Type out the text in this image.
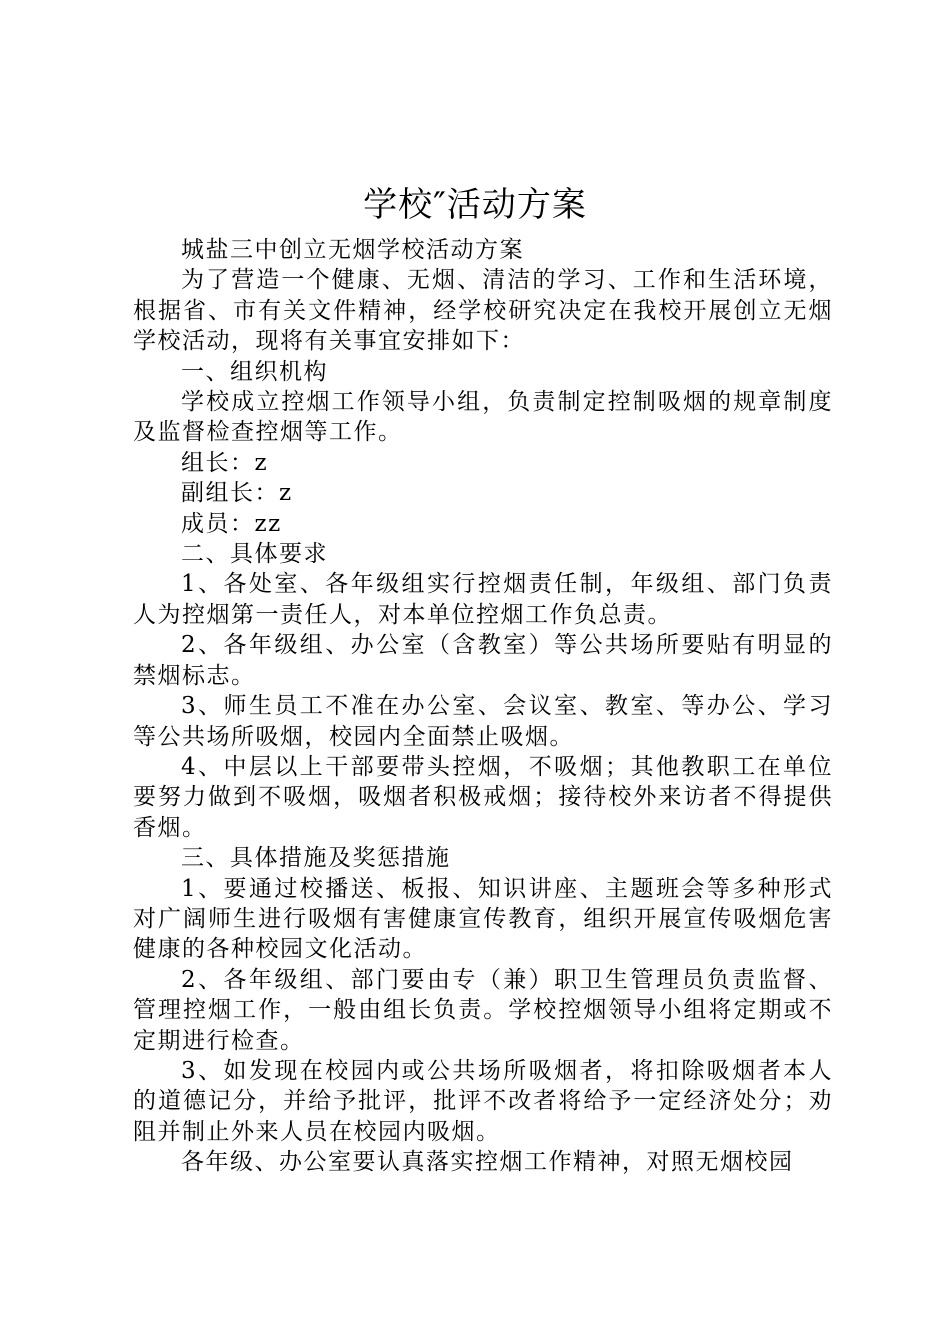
学校″活动方案

城盐三中创立无烟学校活动方案

为了营造一个健康、无烟、清洁的学习、工作和生活环境，根据省、市有关文件精神，经学校研究决定在我校开展创立无烟学校活动，现将有关事宜安排如下：

一、组织机构

学校成立控烟工作领导小组，负责制定控制吸烟的规章制度及监督检查控烟等工作。

组长：z

副组长：z

成员：zz

二、具体要求

1、各处室、各年级组实行控烟责任制，年级组、部门负责人为控烟第一责任人，对本单位控烟工作负总责。

2、各年级组、办公室（含教室）等公共场所要贴有明显的禁烟标志。

3、师生员工不准在办公室、会议室、教室、等办公、学习等公共场所吸烟，校园内全面禁止吸烟。

4、中层以上干部要带头控烟，不吸烟；其他教职工在单位要努力做到不吸烟，吸烟者积极戒烟；接待校外来访者不得提供香烟。

三、具体措施及奖惩措施

1、要通过校播送、板报、知识讲座、主题班会等多种形式对广阔师生进行吸烟有害健康宣传教育，组织开展宣传吸烟危害健康的各种校园文化活动。

2、各年级组、部门要由专（兼）职卫生管理员负责监督、管理控烟工作，一般由组长负责。学校控烟领导小组将定期或不定期进行检查。

3、如发现在校园内或公共场所吸烟者，将扣除吸烟者本人的道德记分，并给予批评，批评不改者将给予一定经济处分；劝阻并制止外来人员在校园内吸烟。

各年级、办公室要认真落实控烟工作精神，对照无烟校园
